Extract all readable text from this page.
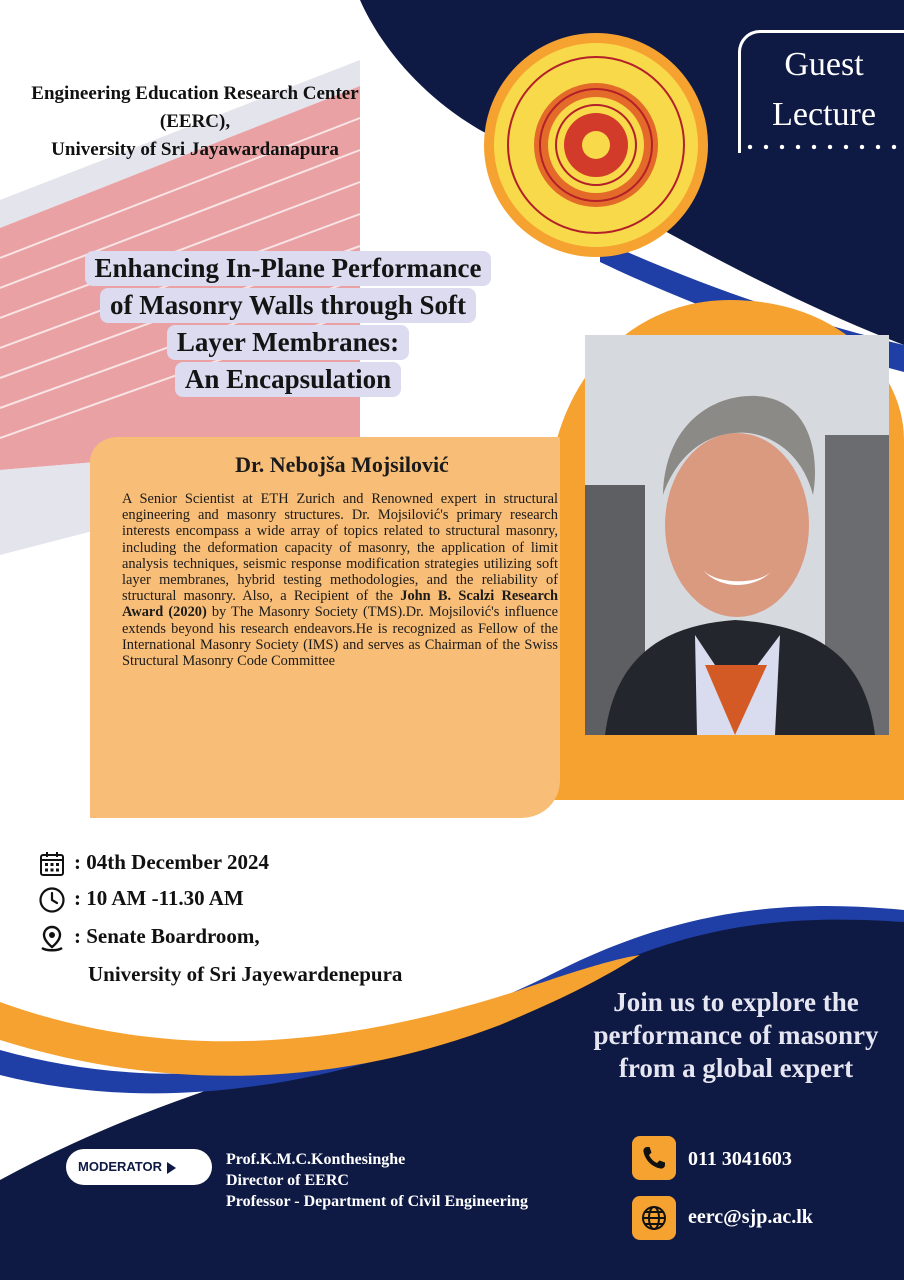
Engineering Education Research Center
(EERC),
University of Sri Jayawardanapura
Guest
Lecture
Enhancing In-Plane Performance
of Masonry Walls through Soft
Layer Membranes:
An Encapsulation
Dr. Nebojša Mojsilović
A Senior Scientist at ETH Zurich and Renowned expert in structural engineering and masonry structures. Dr. Mojsilović's primary research interests encompass a wide array of topics related to structural masonry, including the deformation capacity of masonry, the application of limit analysis techniques, seismic response modification strategies utilizing soft layer membranes, hybrid testing methodologies, and the reliability of structural masonry. Also, a Recipient of the John B. Scalzi Research Award (2020) by The Masonry Society (TMS).Dr. Mojsilović's influence extends beyond his research endeavors.He is recognized as Fellow of the International Masonry Society (IMS) and serves as Chairman of the Swiss Structural Masonry Code Committee
: 04th December 2024
: 10 AM -11.30 AM
: Senate Boardroom,
University of Sri Jayewardenepura
Join us to explore the
performance of masonry
from a global expert
MODERATOR	Prof.K.M.C.Konthesinghe
Director of EERC
Professor - Department of Civil Engineering
011 3041603
eerc@sjp.ac.lk
